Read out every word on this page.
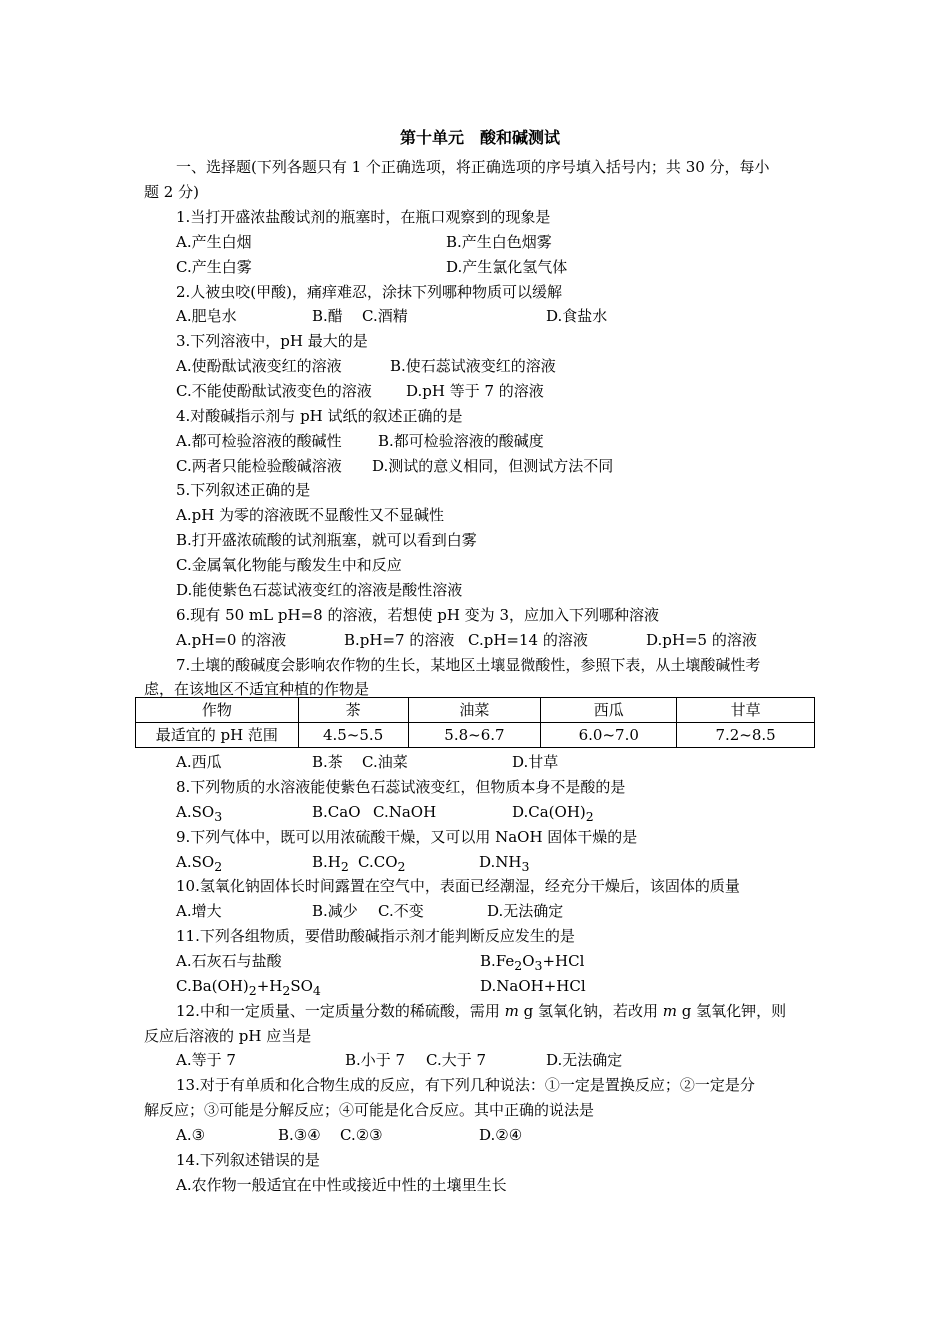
第十单元　酸和碱测试
一、选择题(下列各题只有 1 个正确选项，将正确选项的序号填入括号内；共 30 分，每小
题 2 分)
1.当打开盛浓盐酸试剂的瓶塞时，在瓶口观察到的现象是
A.产生白烟	B.产生白色烟雾
C.产生白雾	D.产生氯化氢气体
2.人被虫咬(甲酸)，痛痒难忍，涂抹下列哪种物质可以缓解
A.肥皂水	B.醋 C.酒精	D.食盐水
3.下列溶液中，pH 最大的是
A.使酚酞试液变红的溶液	B.使石蕊试液变红的溶液
C.不能使酚酞试液变色的溶液 D.pH 等于 7 的溶液
4.对酸碱指示剂与 pH 试纸的叙述正确的是
A.都可检验溶液的酸碱性 B.都可检验溶液的酸碱度
C.两者只能检验酸碱溶液 D.测试的意义相同，但测试方法不同
5.下列叙述正确的是
A.pH 为零的溶液既不显酸性又不显碱性
B.打开盛浓硫酸的试剂瓶塞，就可以看到白雾
C.金属氧化物能与酸发生中和反应
D.能使紫色石蕊试液变红的溶液是酸性溶液
6.现有 50 mL pH=8 的溶液，若想使 pH 变为 3，应加入下列哪种溶液
A.pH=0 的溶液	B.pH=7 的溶液 C.pH=14 的溶液	D.pH=5 的溶液
7.土壤的酸碱度会影响农作物的生长，某地区土壤显微酸性，参照下表，从土壤酸碱性考
虑，在该地区不适宜种植的作物是
作物	茶	油菜	西瓜	甘草
最适宜的 pH 范围	4.5~5.5	5.8~6.7	6.0~7.0	7.2~8.5
A.西瓜	B.茶 C.油菜	D.甘草
8.下列物质的水溶液能使紫色石蕊试液变红，但物质本身不是酸的是
$A.SO_3$	B.CaO C.NaOH	$D.Ca(OH)_2$
9.下列气体中，既可以用浓硫酸干燥，又可以用 NaOH 固体干燥的是
$A.SO_2$	$B.H_2$ $C.CO_2$	$D.NH_3$
10.氢氧化钠固体长时间露置在空气中，表面已经潮湿，经充分干燥后，该固体的质量
A.增大	B.减少 C.不变	D.无法确定
11.下列各组物质，要借助酸碱指示剂才能判断反应发生的是
A.石灰石与盐酸	$B.Fe_2O_3+HCl$
$C.Ba(OH)_2+H_2SO_4$	D.NaOH+HCl
12.中和一定质量、一定质量分数的稀硫酸，需用 m g 氢氧化钠，若改用 m g 氢氧化钾，则
反应后溶液的 pH 应当是
A.等于 7	B.小于 7 C.大于 7	D.无法确定
13.对于有单质和化合物生成的反应，有下列几种说法：①一定是置换反应；②一定是分
解反应；③可能是分解反应；④可能是化合反应。其中正确的说法是
A.③	B.③④ C.②③	D.②④
14.下列叙述错误的是
A.农作物一般适宜在中性或接近中性的土壤里生长
